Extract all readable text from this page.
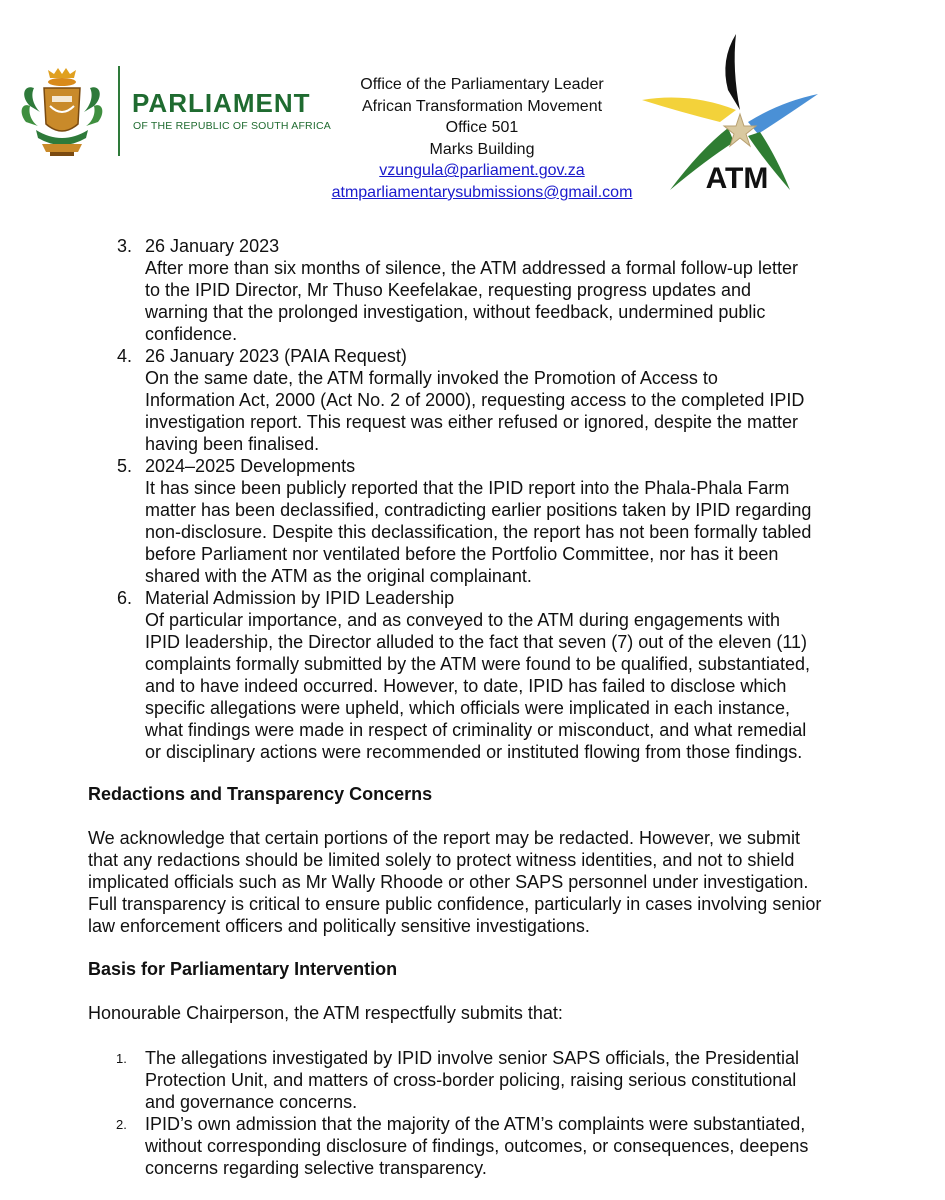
PARLIAMENT
OF THE REPUBLIC OF SOUTH AFRICA
Office of the Parliamentary Leader
African Transformation Movement
Office 501
Marks Building
vzungula@parliament.gov.za
atmparliamentarysubmissions@gmail.com	ATM
3. 26 January 2023
After more than six months of silence, the ATM addressed a formal follow-up letter
to the IPID Director, Mr Thuso Keefelakae, requesting progress updates and
warning that the prolonged investigation, without feedback, undermined public
confidence.
4. 26 January 2023 (PAIA Request)
On the same date, the ATM formally invoked the Promotion of Access to
Information Act, 2000 (Act No. 2 of 2000), requesting access to the completed IPID
investigation report. This request was either refused or ignored, despite the matter
having been finalised.
5. 2024–2025 Developments
It has since been publicly reported that the IPID report into the Phala-Phala Farm
matter has been declassified, contradicting earlier positions taken by IPID regarding
non-disclosure. Despite this declassification, the report has not been formally tabled
before Parliament nor ventilated before the Portfolio Committee, nor has it been
shared with the ATM as the original complainant.
6. Material Admission by IPID Leadership
Of particular importance, and as conveyed to the ATM during engagements with
IPID leadership, the Director alluded to the fact that seven (7) out of the eleven (11)
complaints formally submitted by the ATM were found to be qualified, substantiated,
and to have indeed occurred. However, to date, IPID has failed to disclose which
specific allegations were upheld, which officials were implicated in each instance,
what findings were made in respect of criminality or misconduct, and what remedial
or disciplinary actions were recommended or instituted flowing from those findings.
Redactions and Transparency Concerns
We acknowledge that certain portions of the report may be redacted. However, we submit
that any redactions should be limited solely to protect witness identities, and not to shield
implicated officials such as Mr Wally Rhoode or other SAPS personnel under investigation.
Full transparency is critical to ensure public confidence, particularly in cases involving senior
law enforcement officers and politically sensitive investigations.
Basis for Parliamentary Intervention
Honourable Chairperson, the ATM respectfully submits that:
1. The allegations investigated by IPID involve senior SAPS officials, the Presidential
Protection Unit, and matters of cross-border policing, raising serious constitutional
and governance concerns.
2. IPID’s own admission that the majority of the ATM’s complaints were substantiated,
without corresponding disclosure of findings, outcomes, or consequences, deepens
concerns regarding selective transparency.
